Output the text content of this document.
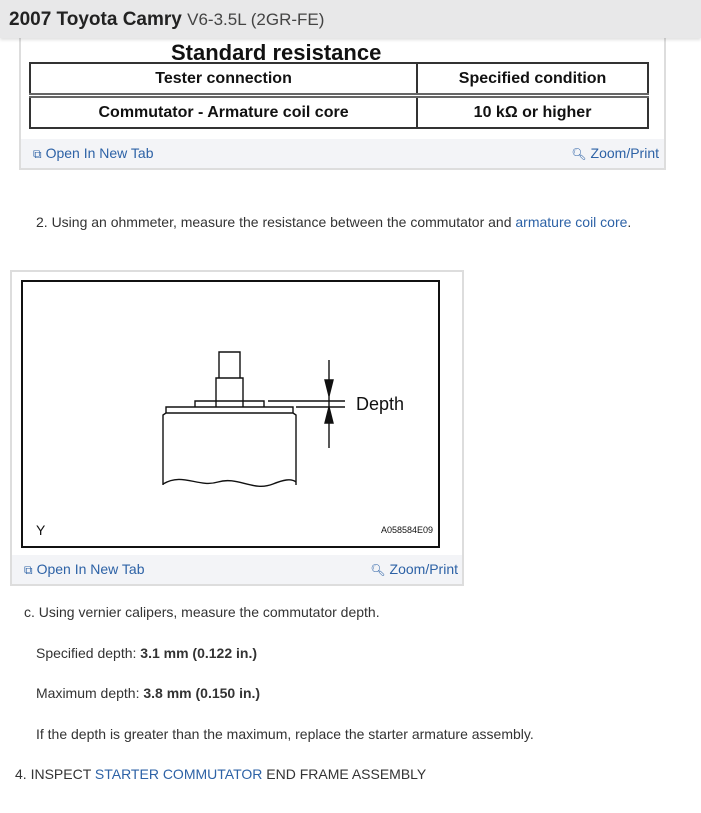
2007 Toyota Camry V6-3.5L (2GR-FE)
Standard resistance
Tester connection	Specified condition
Commutator - Armature coil core	10 kΩ or higher
⧉ Open In New Tab	🔍︎ Zoom/Print
2. Using an ohmmeter, measure the resistance between the commutator and armature coil core.
Depth
Y	A058584E09
⧉ Open In New Tab	🔍︎ Zoom/Print
c. Using vernier calipers, measure the commutator depth.
Specified depth: 3.1 mm (0.122 in.)
Maximum depth: 3.8 mm (0.150 in.)
If the depth is greater than the maximum, replace the starter armature assembly.
4. INSPECT STARTER COMMUTATOR END FRAME ASSEMBLY
